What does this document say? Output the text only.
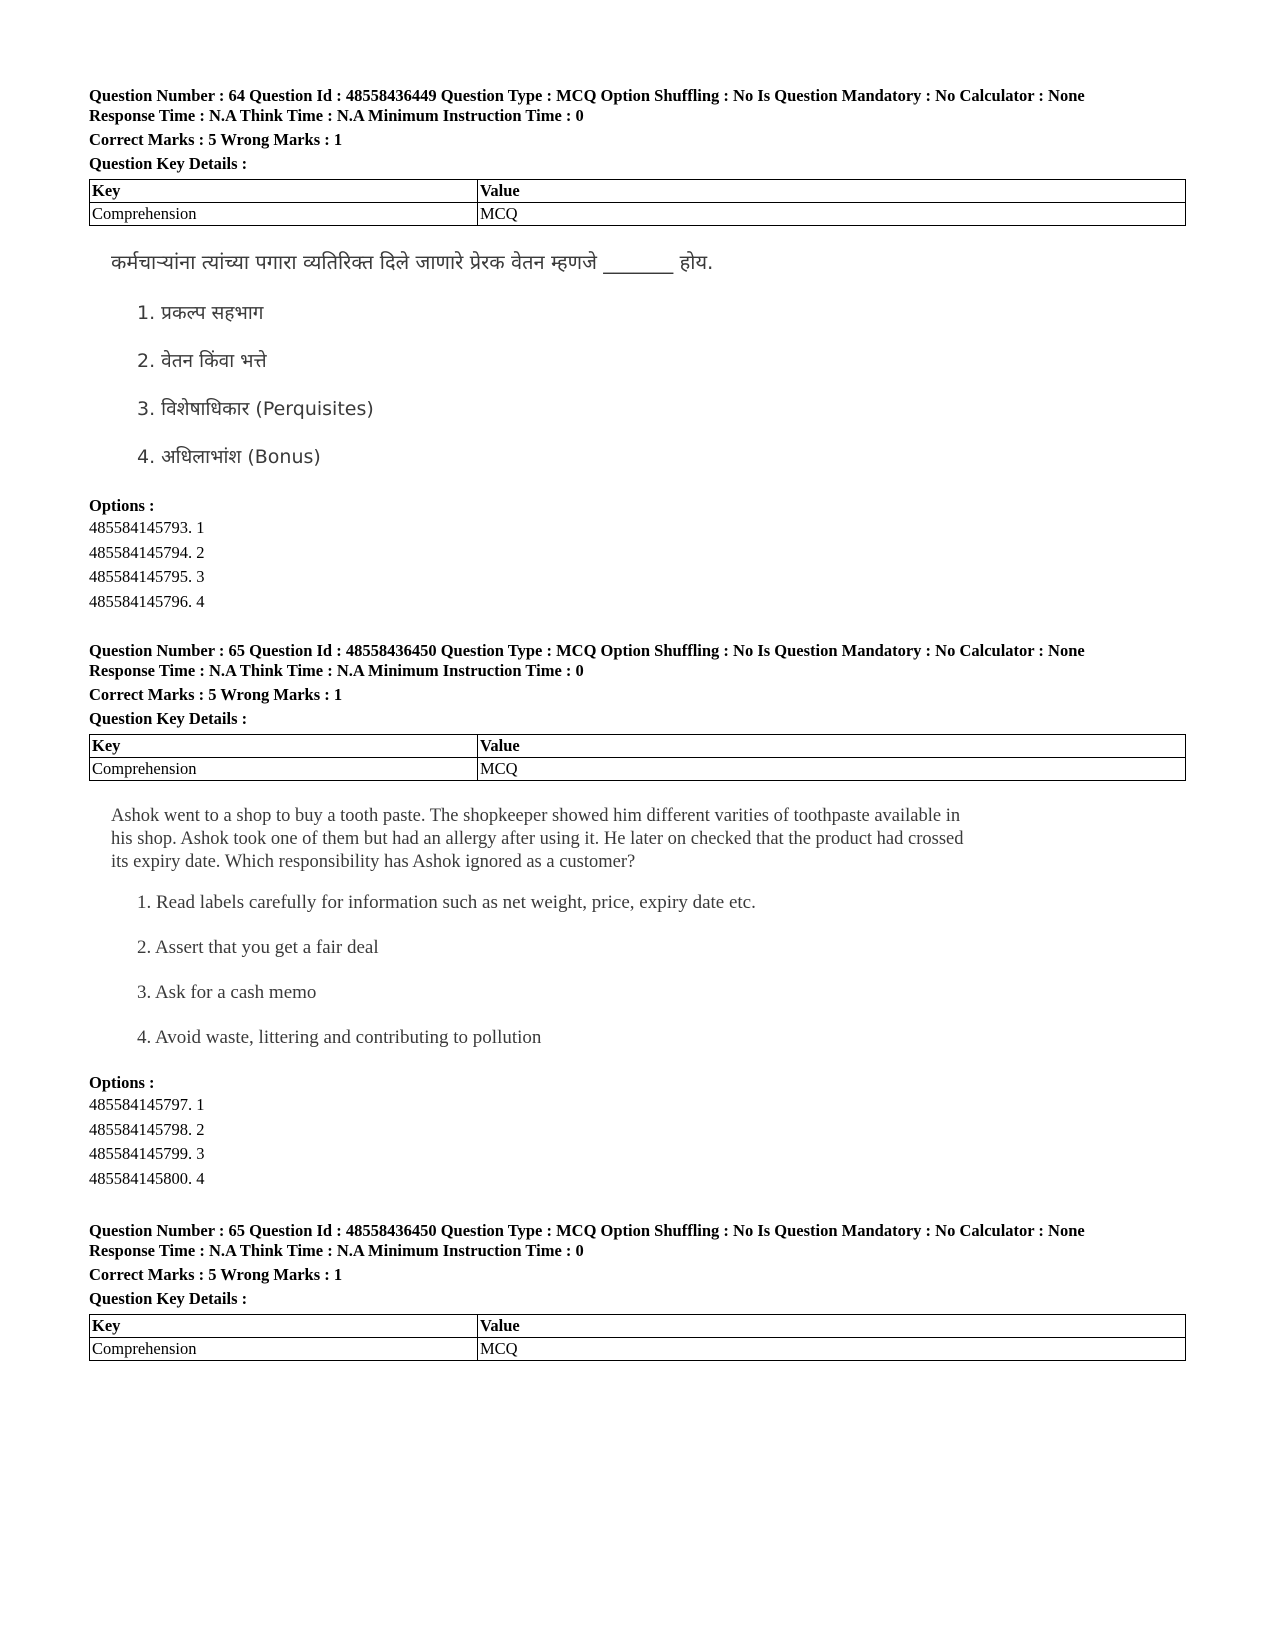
Question Number : 64 Question Id : 48558436449 Question Type : MCQ Option Shuffling : No Is Question Mandatory : No Calculator : None
Response Time : N.A Think Time : N.A Minimum Instruction Time : 0
Correct Marks : 5 Wrong Marks : 1
Question Key Details :
Key	Value
Comprehension	MCQ
कर्मचाऱ्यांना त्यांच्या पगारा व्यतिरिक्त दिले जाणारे प्रेरक वेतन म्हणजे _______ होय.
1. प्रकल्प सहभाग
2. वेतन किंवा भत्ते
3. विशेषाधिकार (Perquisites)
4. अधिलाभांश (Bonus)
Options :
485584145793. 1
485584145794. 2
485584145795. 3
485584145796. 4
Question Number : 65 Question Id : 48558436450 Question Type : MCQ Option Shuffling : No Is Question Mandatory : No Calculator : None
Response Time : N.A Think Time : N.A Minimum Instruction Time : 0
Correct Marks : 5 Wrong Marks : 1
Question Key Details :
Key	Value
Comprehension	MCQ
Ashok went to a shop to buy a tooth paste. The shopkeeper showed him different varities of toothpaste available in his shop. Ashok took one of them but had an allergy after using it. He later on checked that the product had crossed its expiry date. Which responsibility has Ashok ignored as a customer?
1. Read labels carefully for information such as net weight, price, expiry date etc.
2. Assert that you get a fair deal
3. Ask for a cash memo
4. Avoid waste, littering and contributing to pollution
Options :
485584145797. 1
485584145798. 2
485584145799. 3
485584145800. 4
Question Number : 65 Question Id : 48558436450 Question Type : MCQ Option Shuffling : No Is Question Mandatory : No Calculator : None
Response Time : N.A Think Time : N.A Minimum Instruction Time : 0
Correct Marks : 5 Wrong Marks : 1
Question Key Details :
Key	Value
Comprehension	MCQ
